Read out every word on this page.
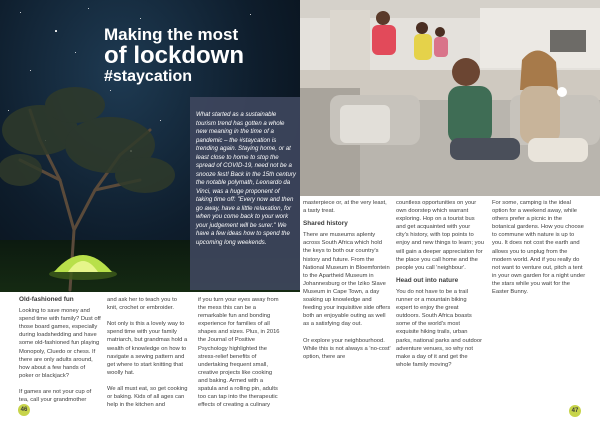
Making the most

of lockdown

#staycation

What started as a sustainable tourism trend has gotten a whole new meaning in the time of a pandemic – the #staycation is trending again. Staying home, or at least close to home to stop the spread of COVID-19, need not be a snooze fest! Back in the 15th century the notable polymath, Leonardo da Vinci, was a huge proponent of taking time off: "Every now and then go away, have a little relaxation, for when you come back to your work your judgement will be surer." We have a few ideas how to spend the upcoming long weekends.

Old-fashioned fun

Looking to save money and spend time with family? Dust off those board games, especially during loadshedding and have some old-fashioned fun playing Monopoly, Cluedo or chess. If there are only adults around, how about a few hands of poker or blackjack?

If games are not your cup of tea, call your grandmother

and ask her to teach you to knit, crochet or embroider.

Not only is this a lovely way to spend time with your family matriarch, but grandmas hold a wealth of knowledge on how to navigate a sewing pattern and get where to start knitting that woolly hat.

We all must eat, so get cooking or baking. Kids of all ages can help in the kitchen and

if you turn your eyes away from the mess this can be a remarkable fun and bonding experience for families of all shapes and sizes. Plus, in 2016 the Journal of Positive Psychology highlighted the stress-relief benefits of undertaking frequent small, creative projects like cooking and baking. Armed with a spatula and a rolling pin, adults too can tap into the therapeutic effects of creating a culinary

46

masterpiece or, at the very least, a tasty treat.

Shared history

There are museums aplenty across South Africa which hold the keys to both our country's history and future. From the National Museum in Bloemfontein to the Apartheid Museum in Johannesburg or the Iziko Slave Museum in Cape Town, a day soaking up knowledge and feeding your inquisitive side offers both an enjoyable outing as well as a satisfying day out.

Or explore your neighbourhood. While this is not always a 'no-cost' option, there are

countless opportunities on your own doorstep which warrant exploring. Hop on a tourist bus and get acquainted with your city's history, with top points to enjoy and new things to learn; you will gain a deeper appreciation for the place you call home and the people you call 'neighbour'.

Head out into nature

You do not have to be a trail runner or a mountain biking expert to enjoy the great outdoors. South Africa boasts some of the world's most exquisite hiking trails, urban parks, national parks and outdoor adventure venues, so why not make a day of it and get the whole family moving?

For some, camping is the ideal option for a weekend away, while others prefer a picnic in the botanical gardens. How you choose to commune with nature is up to you. It does not cost the earth and allows you to unplug from the modern world. And if you really do not want to venture out, pitch a tent in your own garden for a night under the stars while you wait for the Easter Bunny.

47
